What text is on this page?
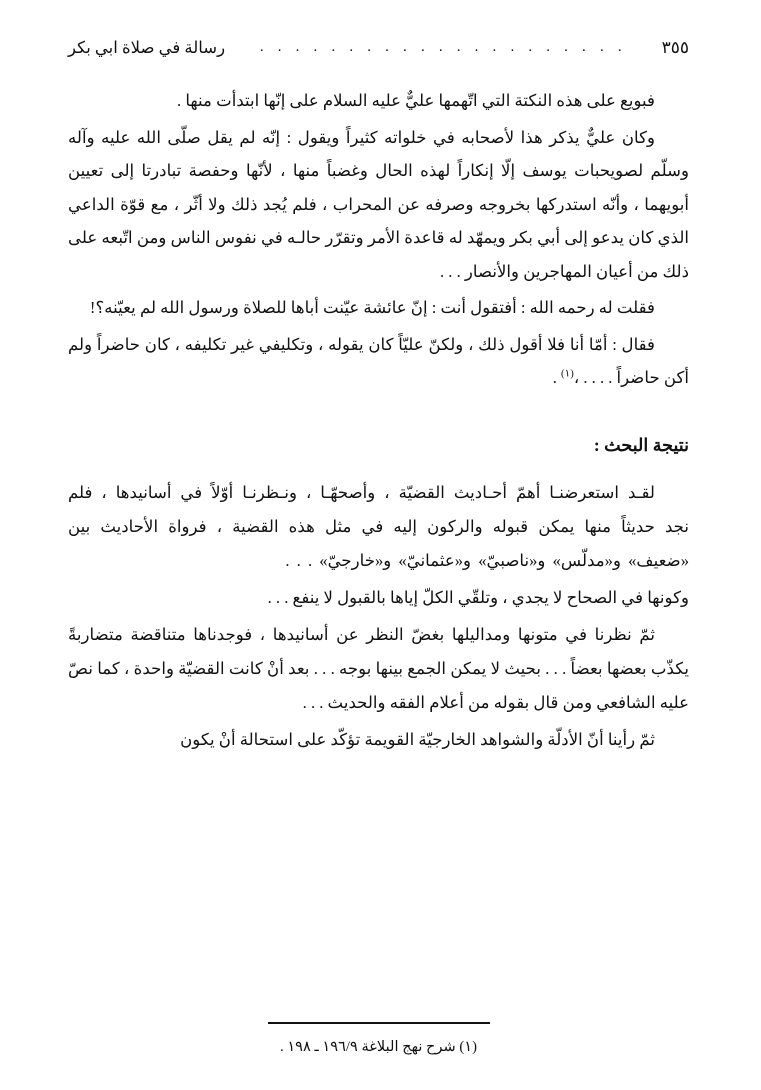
٣٥٥
. . . . . . . . . . . . . . . . . . . . .
رسالة في صلاة ابي بكر

فبويع على هذه النكتة التي اتّهمها عليٌّ عليه السلام على إنّها ابتدأت منها .

وكان عليٌّ يذكر هذا لأصحابه في خلواته كثيراً ويقول : إنّه لم يقل صلّى الله عليه وآله وسلّم لصويحبات يوسف إلّا إنكاراً لهذه الحال وغضباً منها ، لأنّها وحفصة تبادرتا إلى تعيين أبويهما ، وأنّه استدركها بخروجه وصرفه عن المحراب ، فلم يُجد ذلك ولا أثّر ، مع قوّة الداعي الذي كان يدعو إلى أبي بكر ويمهّد له قاعدة الأمر وتقرّر حالـه في نفوس الناس ومن اتّبعه على ذلك من أعيان المهاجرين والأنصار . . .

فقلت له رحمه الله : أفتقول أنت : إنّ عائشة عيّنت أباها للصلاة ورسول الله لم يعيّنه؟!

فقال : أمّا أنا فلا أقول ذلك ، ولكنّ عليّاً كان يقوله ، وتكليفي غير تكليفه ، كان حاضراً ولم أكن حاضراً . . . . ،$^{(١)}$ .

نتيجة البحث :

لقـد استعرضنـا أهمّ أحـاديث القضيّة ، وأصحهّـا ، ونـظرنـا أوّلاً في أسانيدها ، فلم نجد حديثاً منها يمكن قبوله والركون إليه في مثل هذه القضية ، فرواة الأحاديث بين «ضعيف» و«مدلّس» و«ناصبيّ» و«عثمانيّ» و«خارجيّ» . . .

وكونها في الصحاح لا يجدي ، وتلقّي الكلّ إياها بالقبول لا ينفع . . .

ثمّ نظرنا في متونها ومداليلها بغضّ النظر عن أسانيدها ، فوجدناها متناقضة متضاربةً يكذّب بعضها بعضاً . . . بحيث لا يمكن الجمع بينها بوجه . . . بعد أنْ كانت القضيّة واحدة ، كما نصّ عليه الشافعي ومن قال بقوله من أعلام الفقه والحديث . . .

ثمّ رأينا أنّ الأدلّة والشواهد الخارجيّة القويمة تؤكّد على استحالة أنْ يكون

(١) شرح نهج البلاغة ١٩٦/٩ ـ ١٩٨ .
